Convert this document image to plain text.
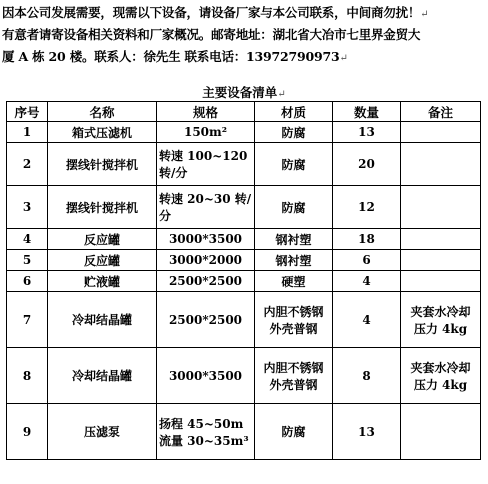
因本公司发展需要，现需以下设备，请设备厂家与本公司联系，中间商勿扰！↵
有意者请寄设备相关资料和厂家概况。邮寄地址：湖北省大冶市七里界金贸大
厦 A 栋 20 楼。联系人：徐先生 联系电话：13972790973↵
主要设备清单↵
序号	名称	规格	材质	数量	备注
1	箱式压滤机	150m²	防腐	13	
2	摆线针搅拌机	转速 100~120 转/分	防腐	20	
3	摆线针搅拌机	转速 20~30 转/分	防腐	12	
4	反应罐	3000*3500	钢衬塑	18	
5	反应罐	3000*2000	钢衬塑	6	
6	贮液罐	2500*2500	硬塑	4	
7	冷却结晶罐	2500*2500	内胆不锈钢 外壳普钢	4	夹套水冷却 压力 4kg
8	冷却结晶罐	3000*3500	内胆不锈钢 外壳普钢	8	夹套水冷却 压力 4kg
9	压滤泵	扬程 45~50m 流量 30~35m³	防腐	13	
